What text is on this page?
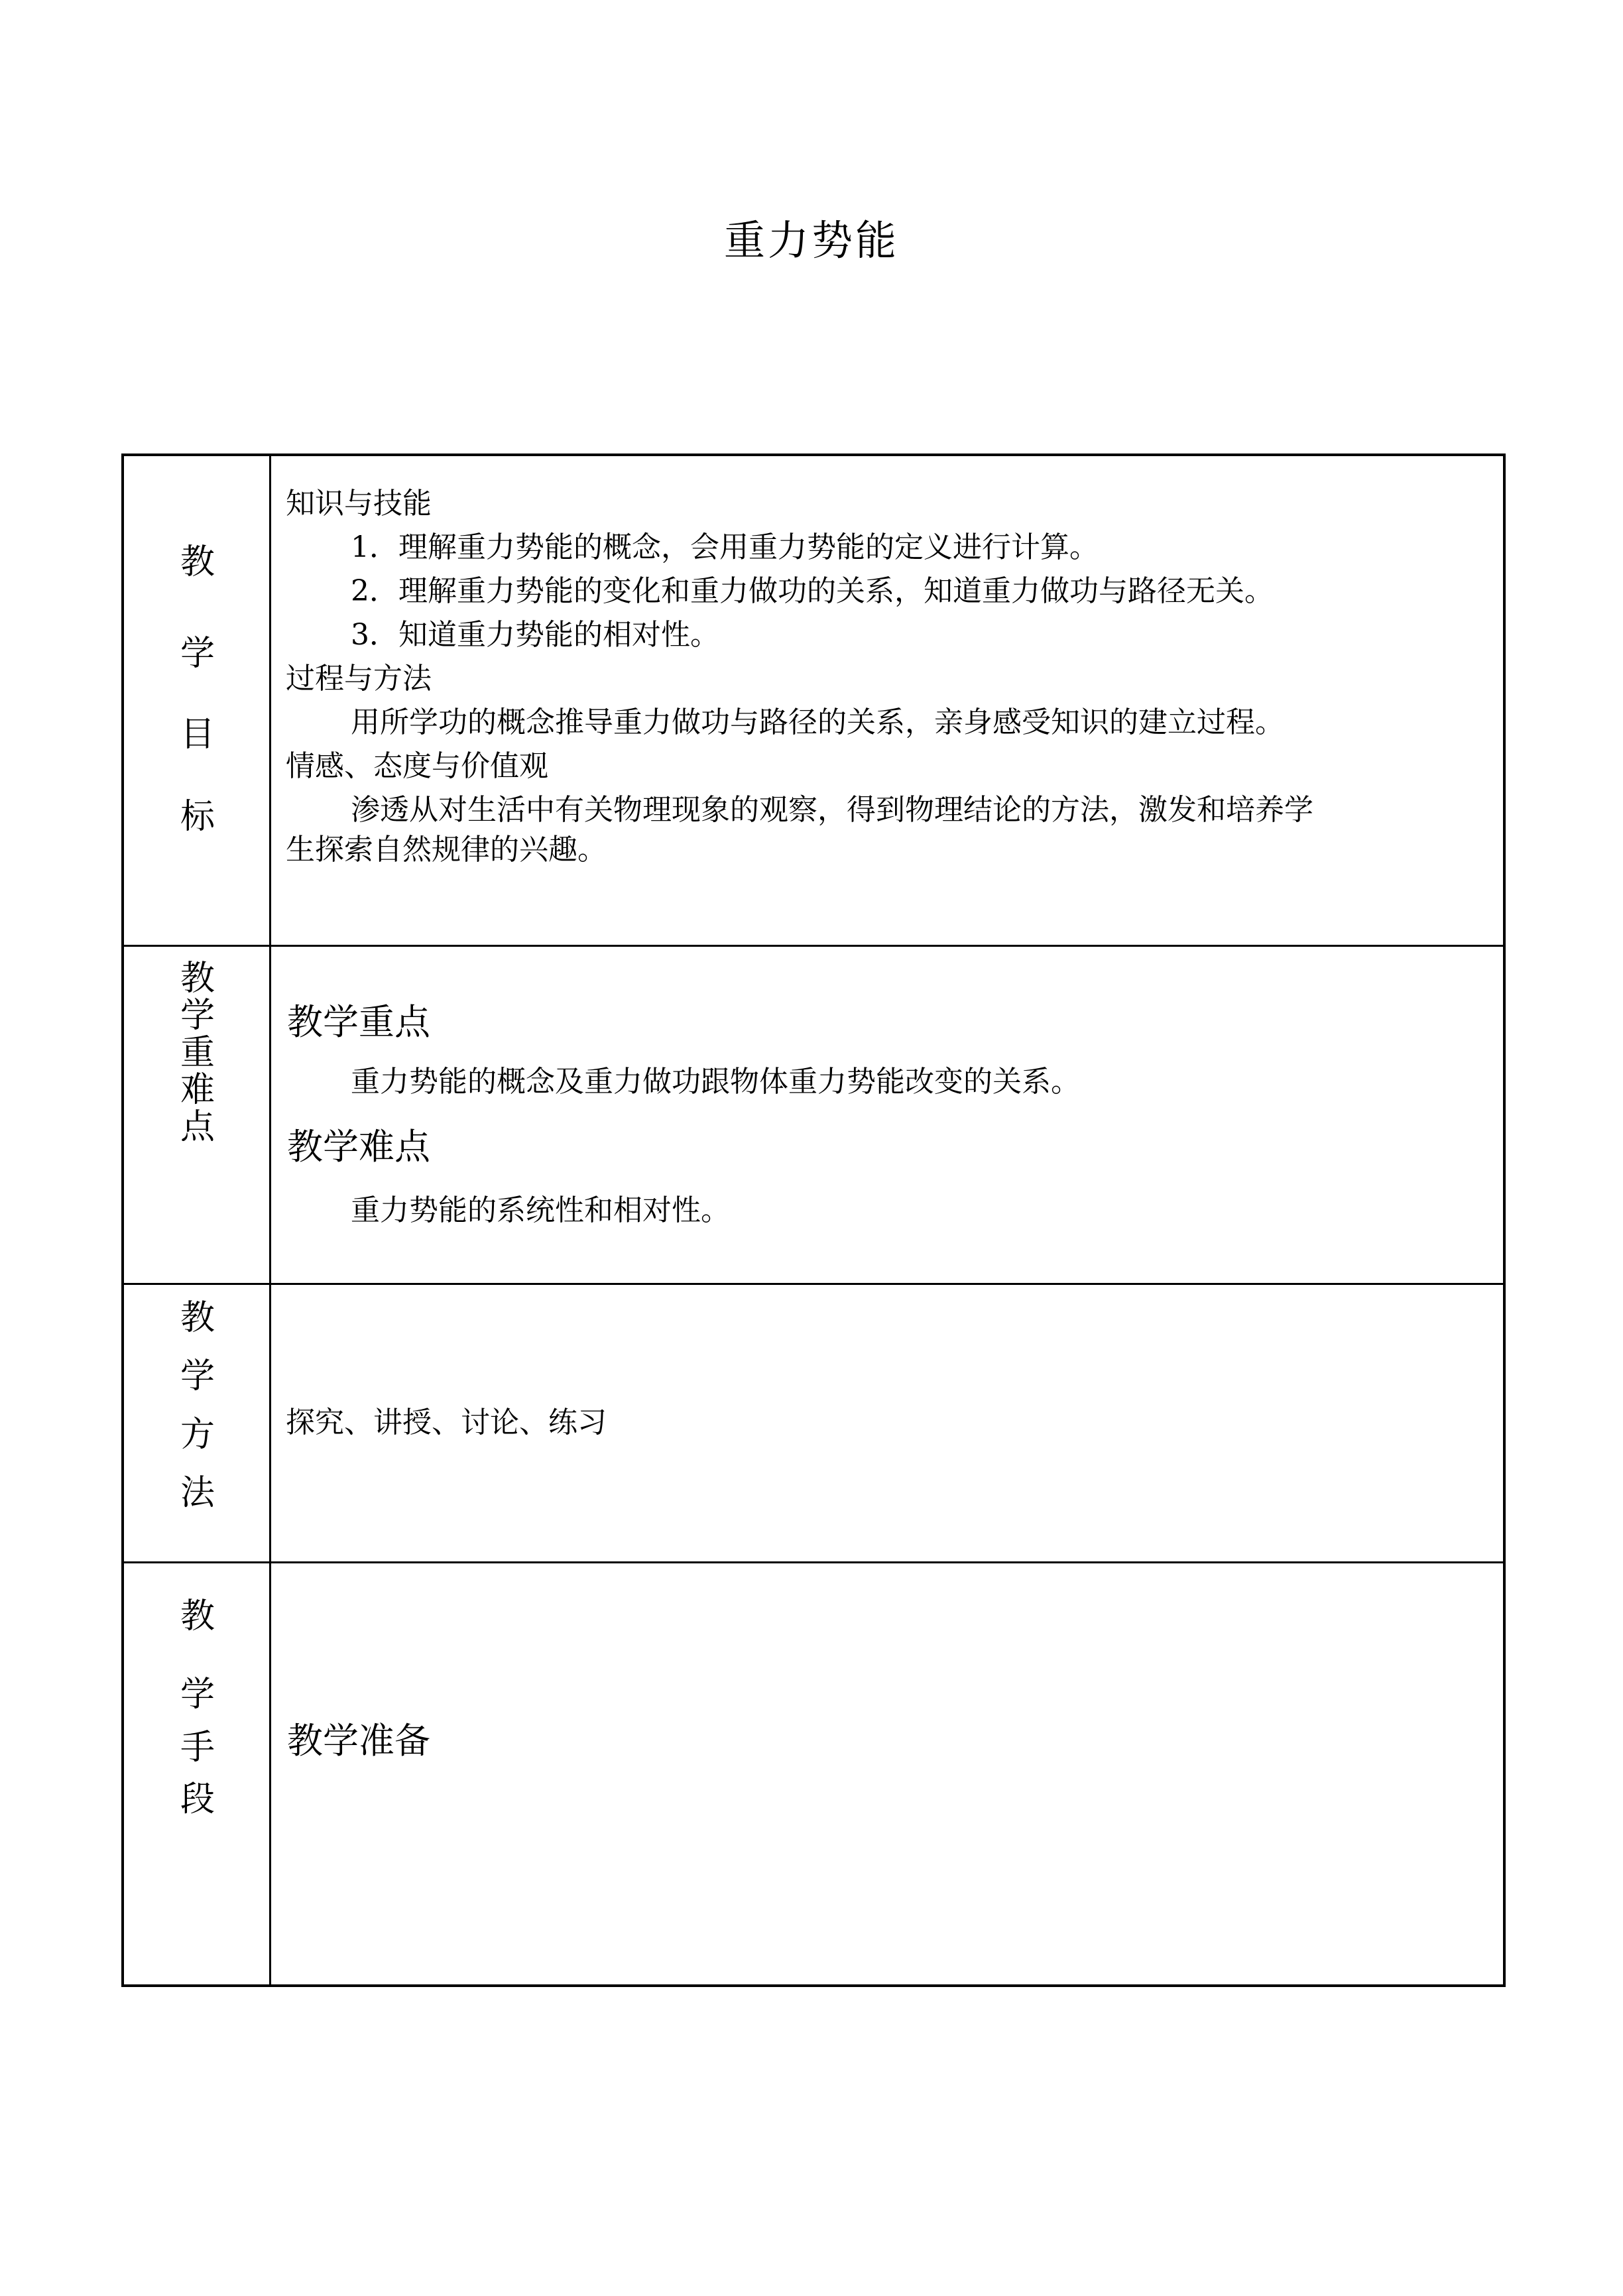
重力势能
教
学
目
标
知识与技能
1．理解重力势能的概念，会用重力势能的定义进行计算。
2．理解重力势能的变化和重力做功的关系，知道重力做功与路径无关。
3．知道重力势能的相对性。
过程与方法
用所学功的概念推导重力做功与路径的关系，亲身感受知识的建立过程。
情感、态度与价值观
渗透从对生活中有关物理现象的观察，得到物理结论的方法，激发和培养学
生探索自然规律的兴趣。
教
学
重
难
点
教学重点
重力势能的概念及重力做功跟物体重力势能改变的关系。
教学难点
重力势能的系统性和相对性。
教
学
方
法
探究、讲授、讨论、练习
教
学
手
段
教学准备
